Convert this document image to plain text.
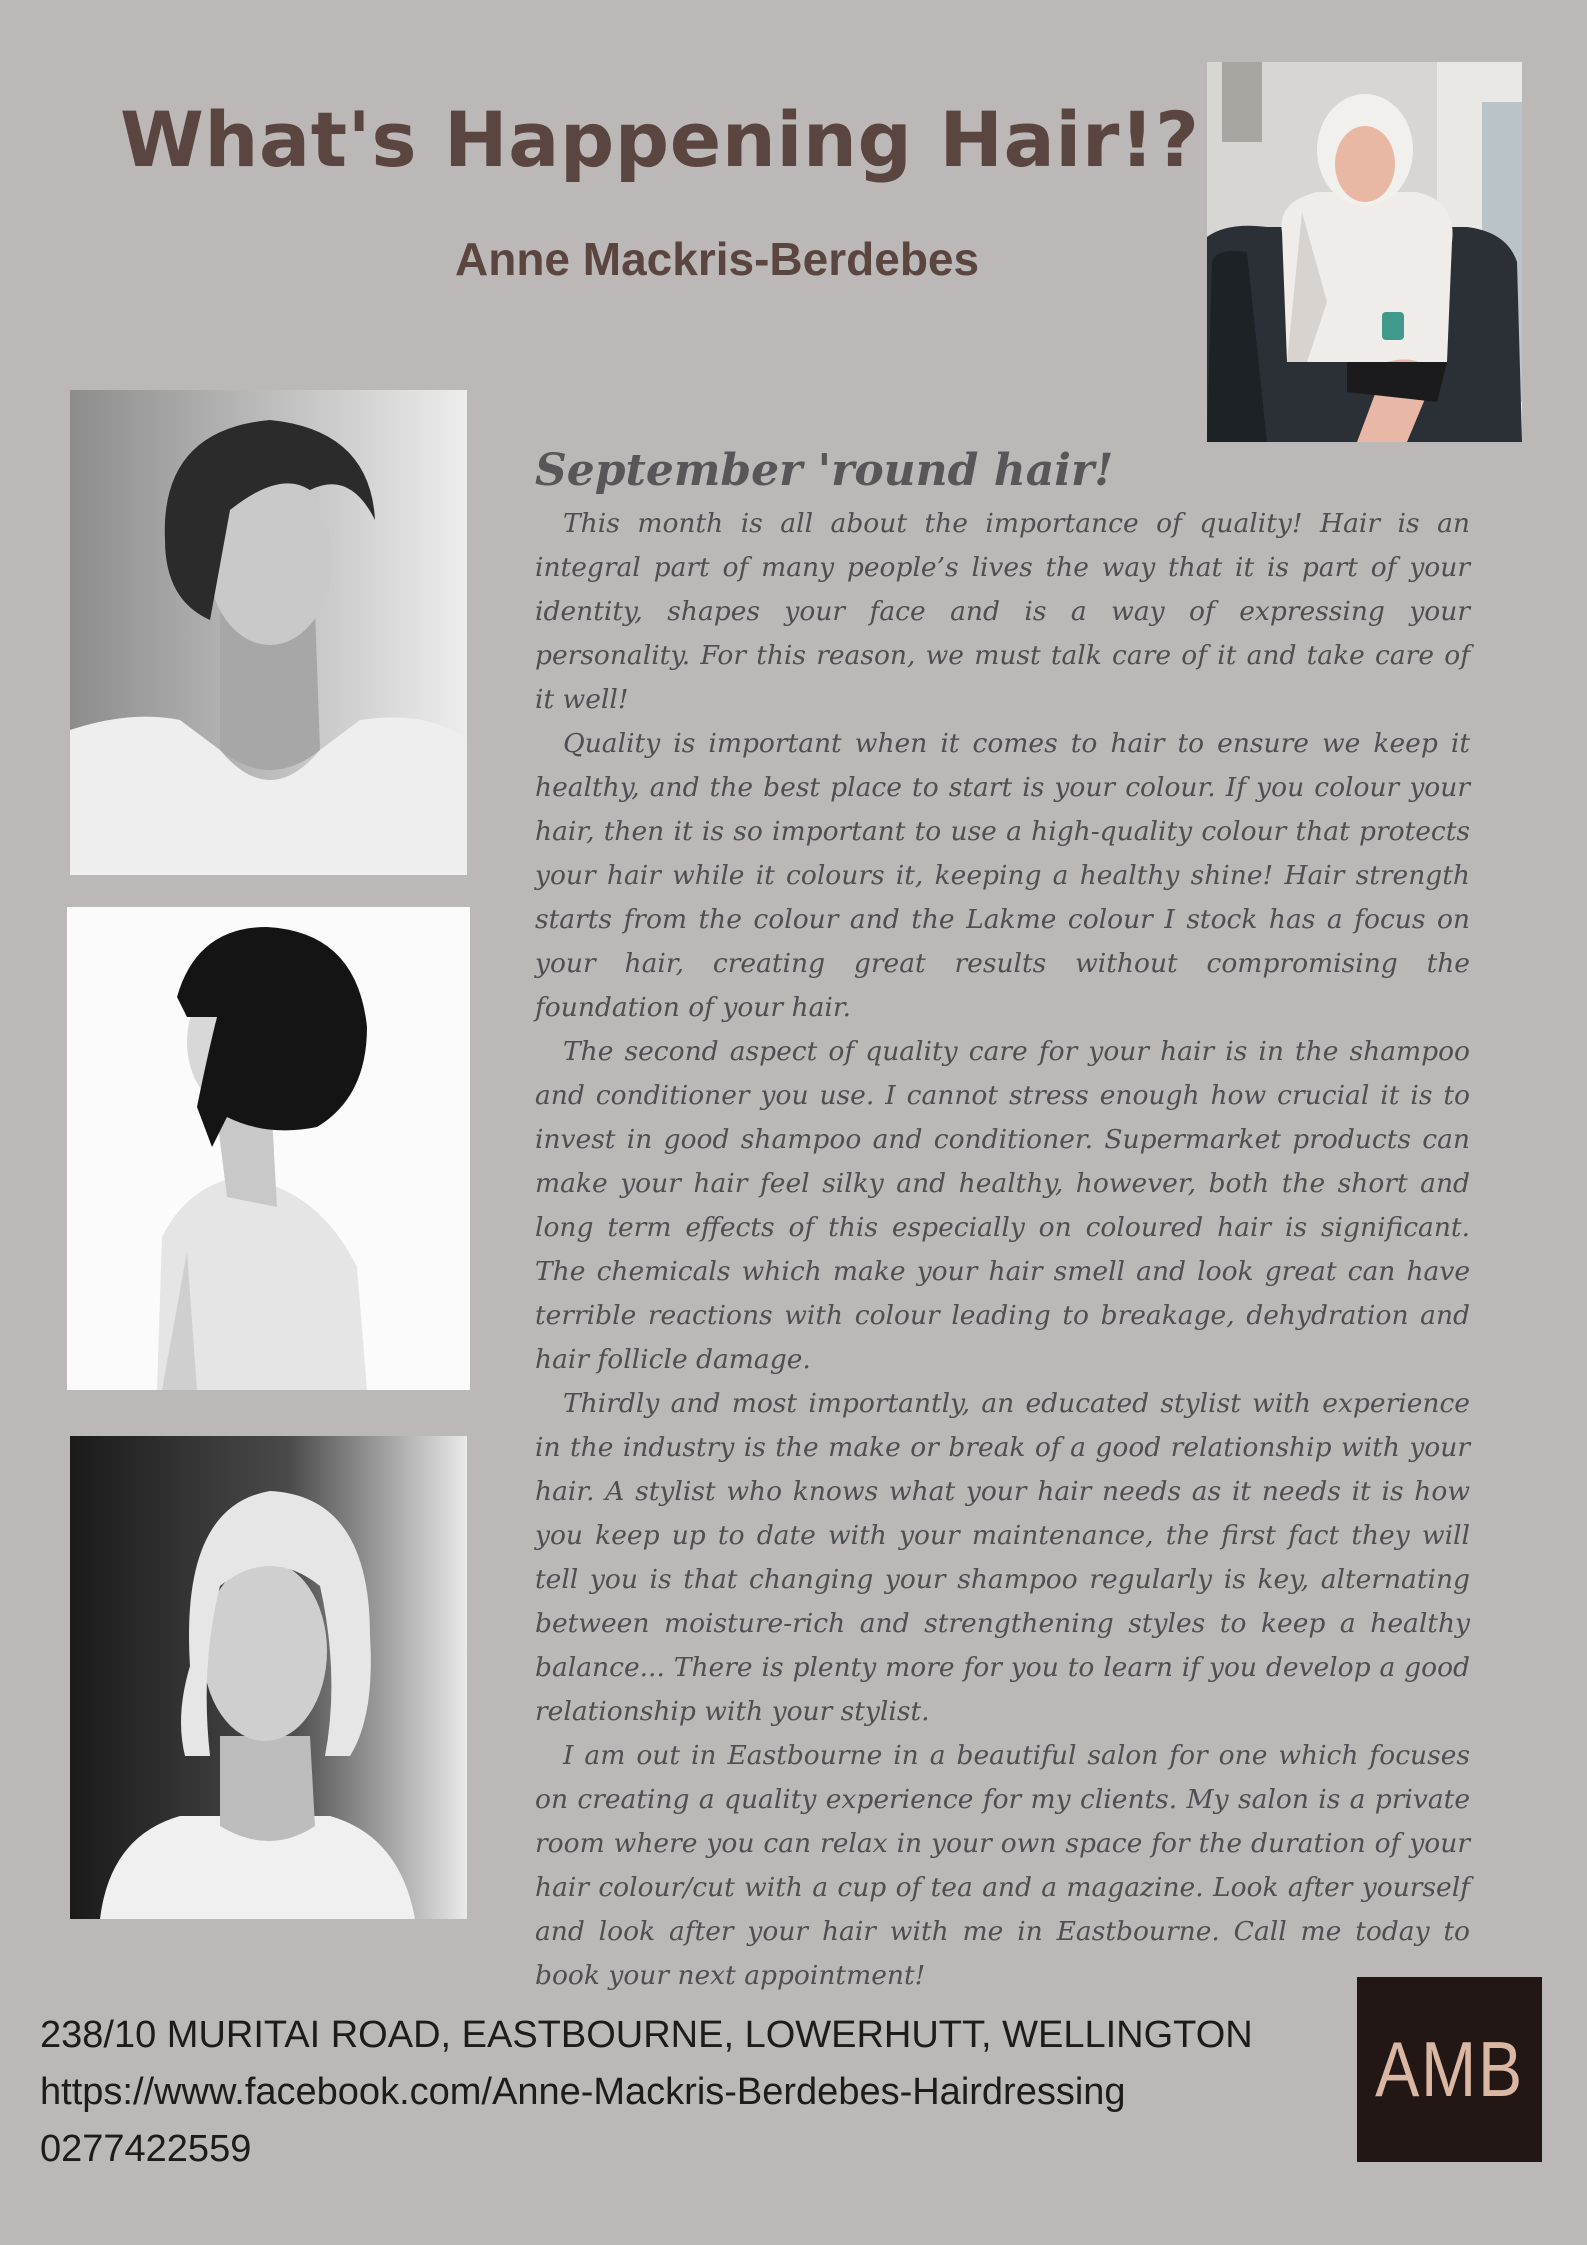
What's Happening Hair!?
Anne Mackris-Berdebes
September 'round hair!

This month is all about the importance of quality! Hair is an integral part of many people’s lives the way that it is part of your identity, shapes your face and is a way of expressing your personality. For this reason, we must talk care of it and take care of it well!

Quality is important when it comes to hair to ensure we keep it healthy, and the best place to start is your colour. If you colour your hair, then it is so important to use a high-quality colour that protects your hair while it colours it, keeping a healthy shine! Hair strength starts from the colour and the Lakme colour I stock has a focus on your hair, creating great results without compromising the foundation of your hair.

The second aspect of quality care for your hair is in the shampoo and conditioner you use. I cannot stress enough how crucial it is to invest in good shampoo and conditioner. Supermarket products can make your hair feel silky and healthy, however, both the short and long term effects of this especially on coloured hair is significant. The chemicals which make your hair smell and look great can have terrible reactions with colour leading to breakage, dehydration and hair follicle damage.

Thirdly and most importantly, an educated stylist with experience in the industry is the make or break of a good relationship with your hair. A stylist who knows what your hair needs as it needs it is how you keep up to date with your maintenance, the first fact they will tell you is that changing your shampoo regularly is key, alternating between moisture-rich and strengthening styles to keep a healthy balance... There is plenty more for you to learn if you develop a good relationship with your stylist.

I am out in Eastbourne in a beautiful salon for one which focuses on creating a quality experience for my clients. My salon is a private room where you can relax in your own space for the duration of your hair colour/cut with a cup of tea and a magazine. Look after yourself and look after your hair with me in Eastbourne. Call me today to book your next appointment!

238/10 MURITAI ROAD, EASTBOURNE, LOWERHUTT, WELLINGTON
https://www.facebook.com/Anne-Mackris-Berdebes-Hairdressing
0277422559
AMB
